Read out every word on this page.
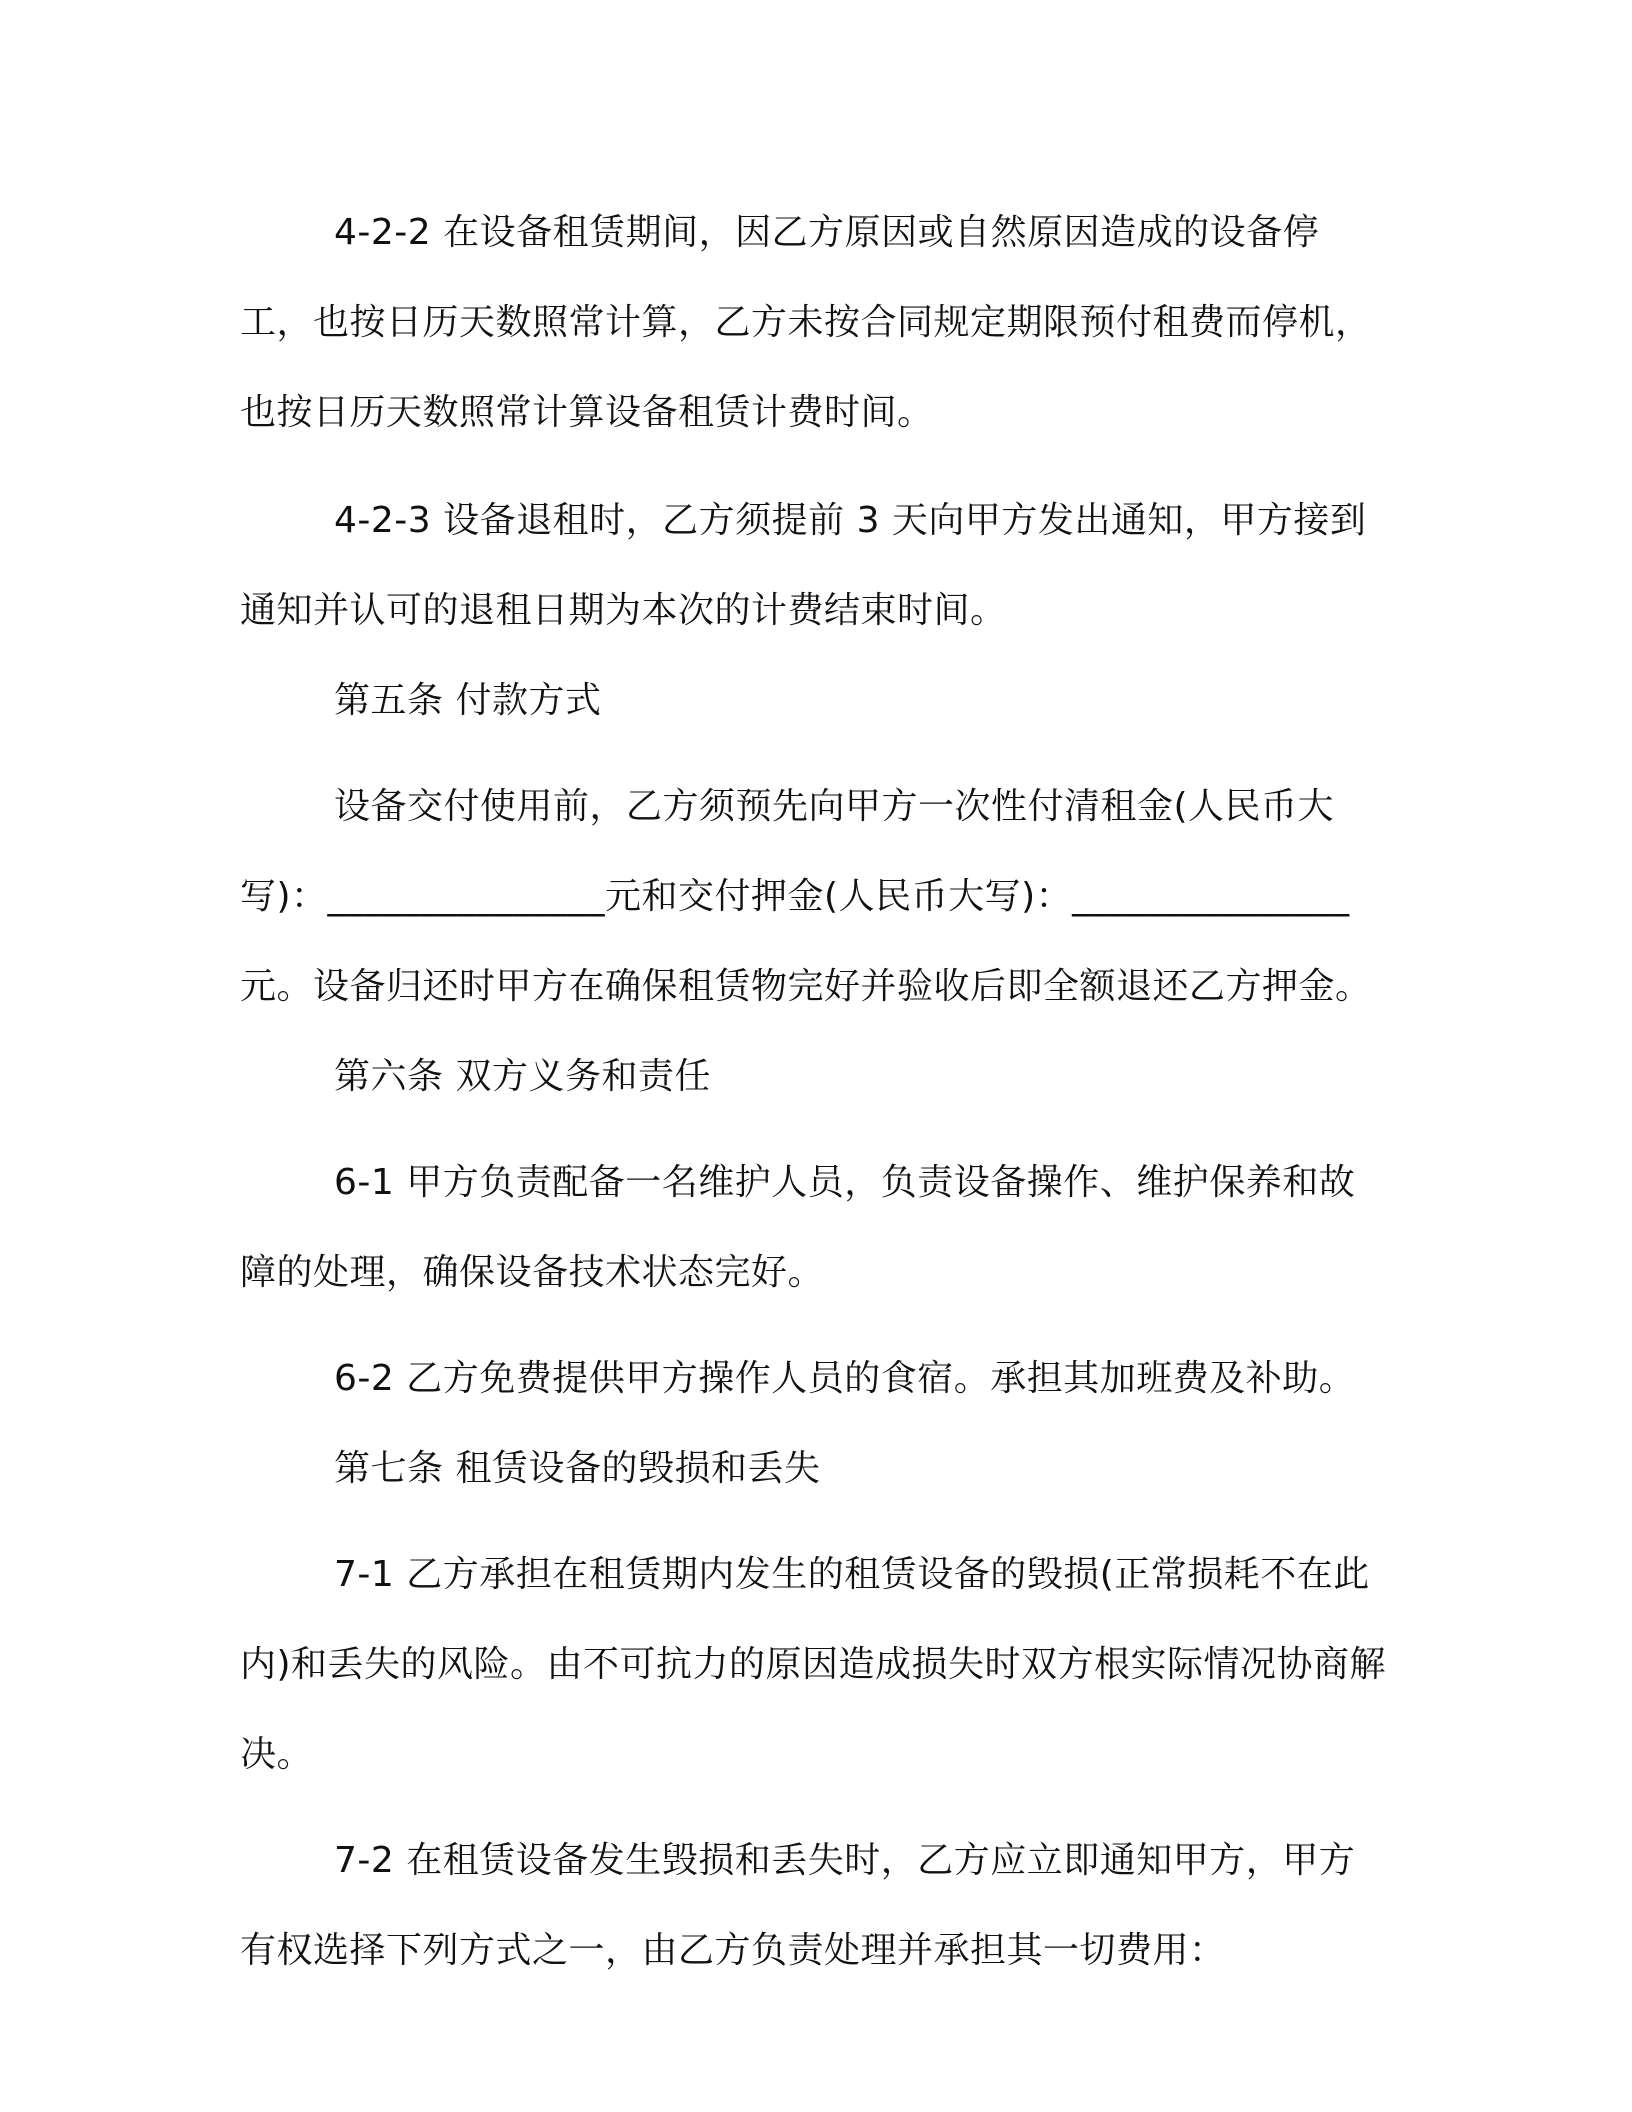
4-2-2 在设备租赁期间，因乙方原因或自然原因造成的设备停工，也按日历天数照常计算，乙方未按合同规定期限预付租费而停机，也按日历天数照常计算设备租赁计费时间。

4-2-3 设备退租时，乙方须提前 3 天向甲方发出通知，甲方接到通知并认可的退租日期为本次的计费结束时间。

第五条 付款方式

设备交付使用前，乙方须预先向甲方一次性付清租金(人民币大写)：_______________元和交付押金(人民币大写)：_______________元。设备归还时甲方在确保租赁物完好并验收后即全额退还乙方押金。

第六条 双方义务和责任

6-1 甲方负责配备一名维护人员，负责设备操作、维护保养和故障的处理，确保设备技术状态完好。

6-2 乙方免费提供甲方操作人员的食宿。承担其加班费及补助。

第七条 租赁设备的毁损和丢失

7-1 乙方承担在租赁期内发生的租赁设备的毁损(正常损耗不在此内)和丢失的风险。由不可抗力的原因造成损失时双方根实际情况协商解决。

7-2 在租赁设备发生毁损和丢失时，乙方应立即通知甲方，甲方有权选择下列方式之一，由乙方负责处理并承担其一切费用：
